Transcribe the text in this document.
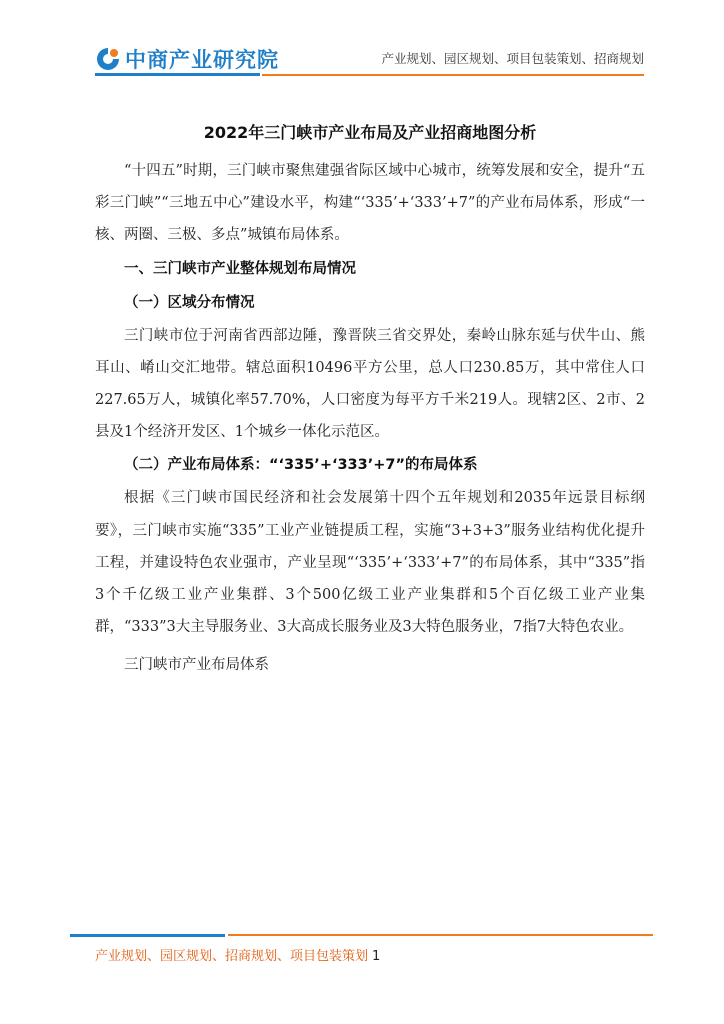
中商产业研究院	产业规划、园区规划、项目包装策划、招商规划
2022年三门峡市产业布局及产业招商地图分析

“十四五”时期，三门峡市聚焦建强省际区域中心城市，统筹发展和安全，提升“五彩三门峡”“三地五中心”建设水平，构建“‘335’+‘333’+7”的产业布局体系，形成“一核、两圈、三极、多点”城镇布局体系。

一、三门峡市产业整体规划布局情况
（一）区域分布情况

三门峡市位于河南省西部边陲，豫晋陕三省交界处，秦岭山脉东延与伏牛山、熊耳山、崤山交汇地带。辖总面积10496平方公里，总人口230.85万，其中常住人口227.65万人，城镇化率57.70%，人口密度为每平方千米219人。现辖2区、2市、2县及1个经济开发区、1个城乡一体化示范区。

（二）产业布局体系：“‘335’+‘333’+7”的布局体系

根据《三门峡市国民经济和社会发展第十四个五年规划和2035年远景目标纲要》，三门峡市实施“335”工业产业链提质工程，实施“3+3+3”服务业结构优化提升工程，并建设特色农业强市，产业呈现“‘335’+‘333’+7”的布局体系，其中“335”指3个千亿级工业产业集群、3个500亿级工业产业集群和5个百亿级工业产业集群，“333”3大主导服务业、3大高成长服务业及3大特色服务业，7指7大特色农业。

三门峡市产业布局体系

产业规划、园区规划、招商规划、项目包装策划 1
